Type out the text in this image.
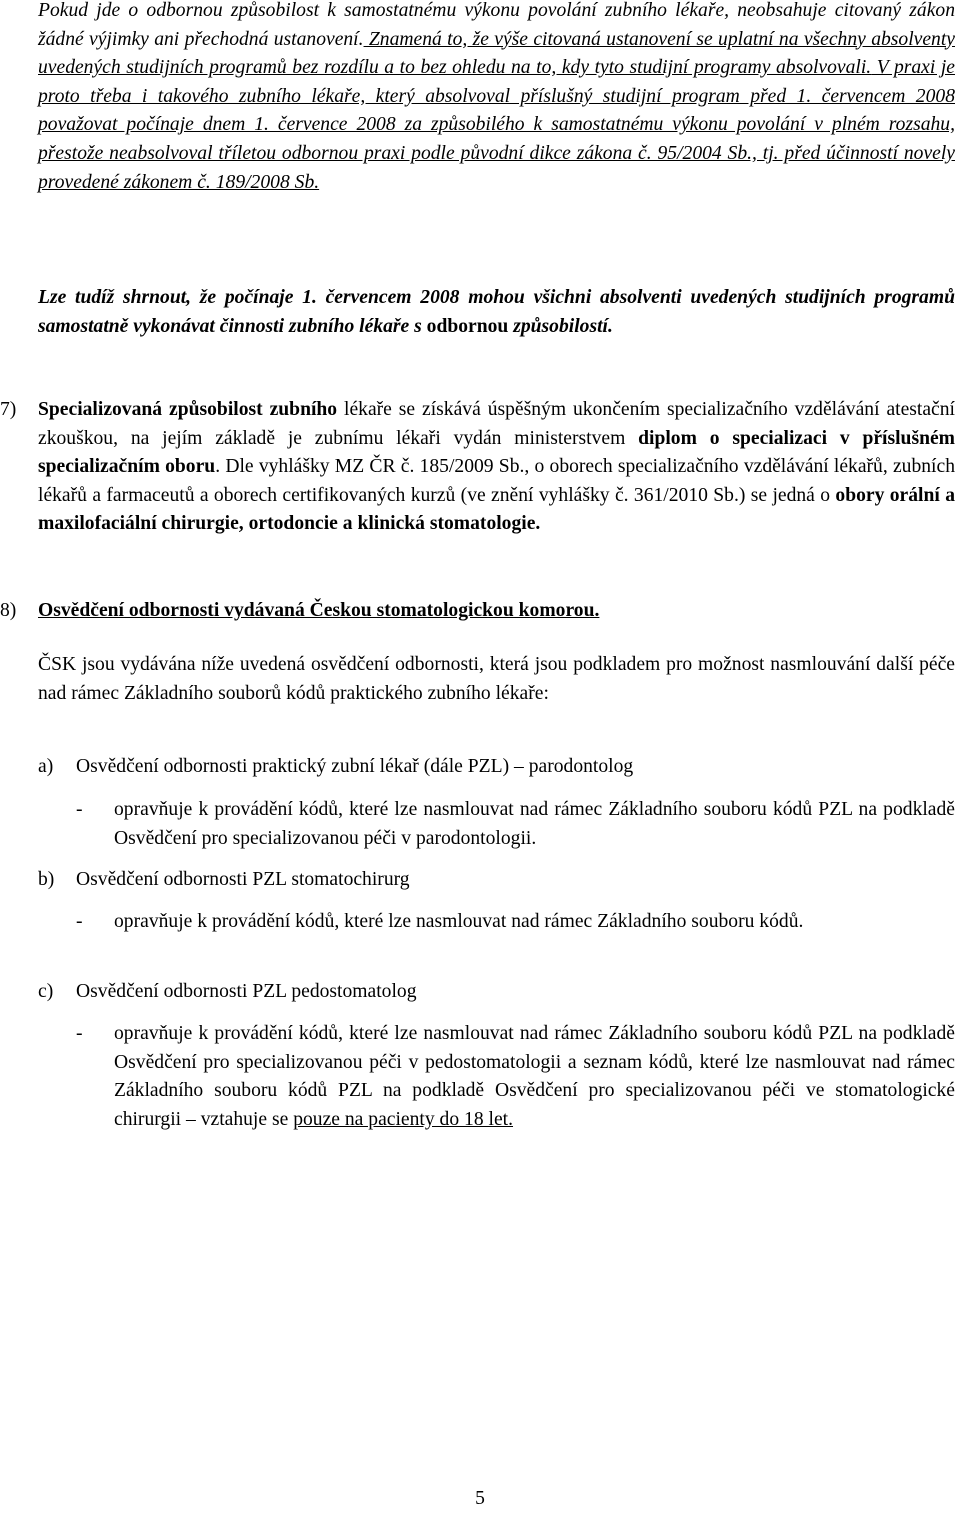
Pokud jde o odbornou způsobilost k samostatnému výkonu povolání zubního lékaře, neobsahuje citovaný zákon žádné výjimky ani přechodná ustanovení. Znamená to, že výše citovaná ustanovení se uplatní na všechny absolventy uvedených studijních programů bez rozdílu a to bez ohledu na to, kdy tyto studijní programy absolvovali. V praxi je proto třeba i takového zubního lékaře, který absolvoval příslušný studijní program před 1. červencem 2008 považovat počínaje dnem 1. července 2008 za způsobilého k samostatnému výkonu povolání v plném rozsahu, přestože neabsolvoval tříletou odbornou praxi podle původní dikce zákona č. 95/2004 Sb., tj. před účinností novely provedené zákonem č. 189/2008 Sb.

Lze tudíž shrnout, že počínaje 1. červencem 2008 mohou všichni absolventi uvedených studijních programů samostatně vykonávat činnosti zubního lékaře s odbornou způsobilostí.

7) Specializovaná způsobilost zubního lékaře se získává úspěšným ukončením specializačního vzdělávání atestační zkouškou, na jejím základě je zubnímu lékaři vydán ministerstvem diplom o specializaci v příslušném specializačním oboru. Dle vyhlášky MZ ČR č. 185/2009 Sb., o oborech specializačního vzdělávání lékařů, zubních lékařů a farmaceutů a oborech certifikovaných kurzů (ve znění vyhlášky č. 361/2010 Sb.) se jedná o obory orální a maxilofaciální chirurgie, ortodoncie a klinická stomatologie.

8) Osvědčení odbornosti vydávaná Českou stomatologickou komorou.

ČSK jsou vydávána níže uvedená osvědčení odbornosti, která jsou podkladem pro možnost nasmlouvání další péče nad rámec Základního souborů kódů praktického zubního lékaře:

a) Osvědčení odbornosti praktický zubní lékař (dále PZL) – parodontolog
- opravňuje k provádění kódů, které lze nasmlouvat nad rámec Základního souboru kódů PZL na podkladě Osvědčení pro specializovanou péči v parodontologii.

b) Osvědčení odbornosti PZL stomatochirurg
- opravňuje k provádění kódů, které lze nasmlouvat nad rámec Základního souboru kódů.

c) Osvědčení odbornosti PZL pedostomatolog
- opravňuje k provádění kódů, které lze nasmlouvat nad rámec Základního souboru kódů PZL na podkladě Osvědčení pro specializovanou péči v pedostomatologii a seznam kódů, které lze nasmlouvat nad rámec Základního souboru kódů PZL na podkladě Osvědčení pro specializovanou péči ve stomatologické chirurgii – vztahuje se pouze na pacienty do 18 let.

5
